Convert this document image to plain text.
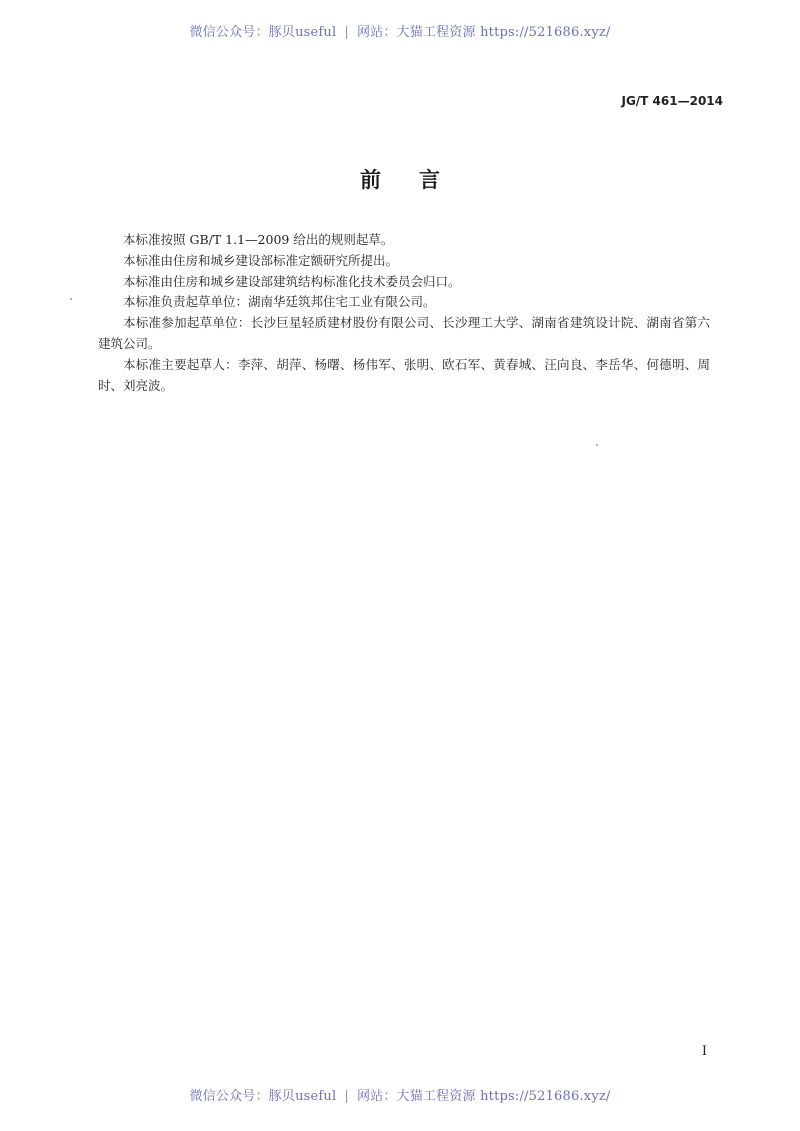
微信公众号：豚贝useful | 网站：大猫工程资源 https://521686.xyz/
JG/T 461—2014
前言

本标准按照 GB/T 1.1—2009 给出的规则起草。

本标准由住房和城乡建设部标准定额研究所提出。

本标准由住房和城乡建设部建筑结构标准化技术委员会归口。

本标准负责起草单位：湖南华廷筑邦住宅工业有限公司。

本标准参加起草单位：长沙巨星轻质建材股份有限公司、长沙理工大学、湖南省建筑设计院、湖南省第六建筑公司。

本标准主要起草人：李萍、胡萍、杨曙、杨伟军、张明、欧石军、黄春城、汪向良、李岳华、何德明、周时、刘亮波。

I
微信公众号：豚贝useful | 网站：大猫工程资源 https://521686.xyz/
